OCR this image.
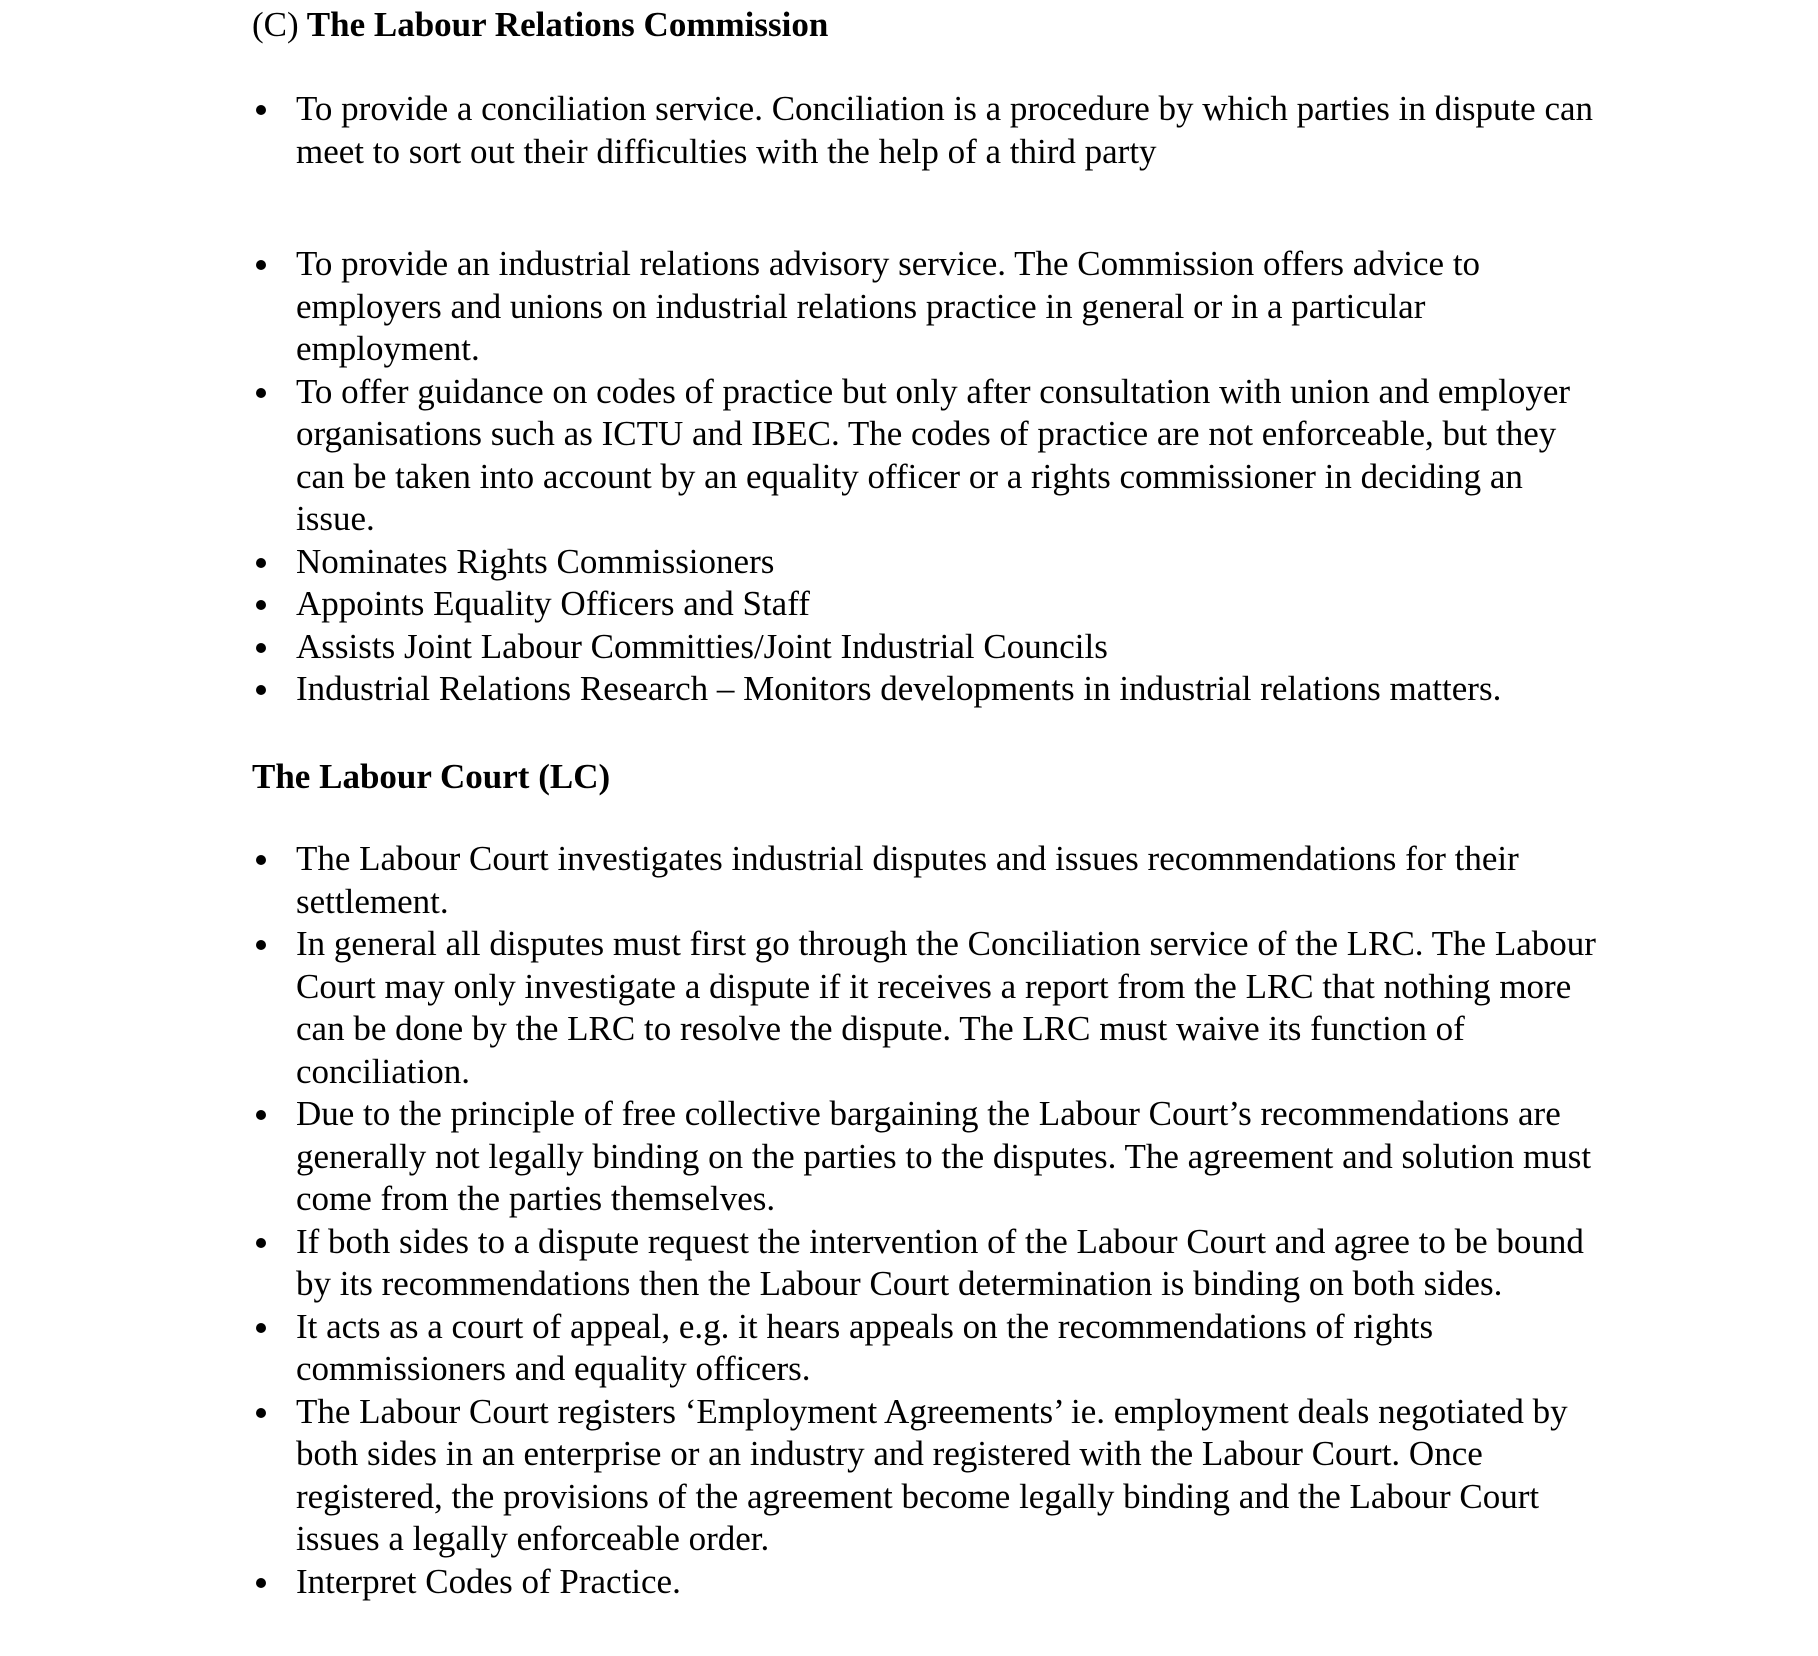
(C) The Labour Relations Commission
To provide a conciliation service. Conciliation is a procedure by which parties in dispute can meet to sort out their difficulties with the help of a third party
To provide an industrial relations advisory service. The Commission offers advice to employers and unions on industrial relations practice in general or in a particular employment.
To offer guidance on codes of practice but only after consultation with union and employer organisations such as ICTU and IBEC. The codes of practice are not enforceable, but they can be taken into account by an equality officer or a rights commissioner in deciding an issue.
Nominates Rights Commissioners
Appoints Equality Officers and Staff
Assists Joint Labour Committies/Joint Industrial Councils
Industrial Relations Research – Monitors developments in industrial relations matters.
The Labour Court (LC)
The Labour Court investigates industrial disputes and issues recommendations for their settlement.
In general all disputes must first go through the Conciliation service of the LRC. The Labour Court may only investigate a dispute if it receives a report from the LRC that nothing more can be done by the LRC to resolve the dispute. The LRC must waive its function of conciliation.
Due to the principle of free collective bargaining the Labour Court’s recommendations are generally not legally binding on the parties to the disputes. The agreement and solution must come from the parties themselves.
If both sides to a dispute request the intervention of the Labour Court and agree to be bound by its recommendations then the Labour Court determination is binding on both sides.
It acts as a court of appeal, e.g. it hears appeals on the recommendations of rights commissioners and equality officers.
The Labour Court registers ‘Employment Agreements’ ie. employment deals negotiated by both sides in an enterprise or an industry and registered with the Labour Court. Once registered, the provisions of the agreement become legally binding and the Labour Court issues a legally enforceable order.
Interpret Codes of Practice.
